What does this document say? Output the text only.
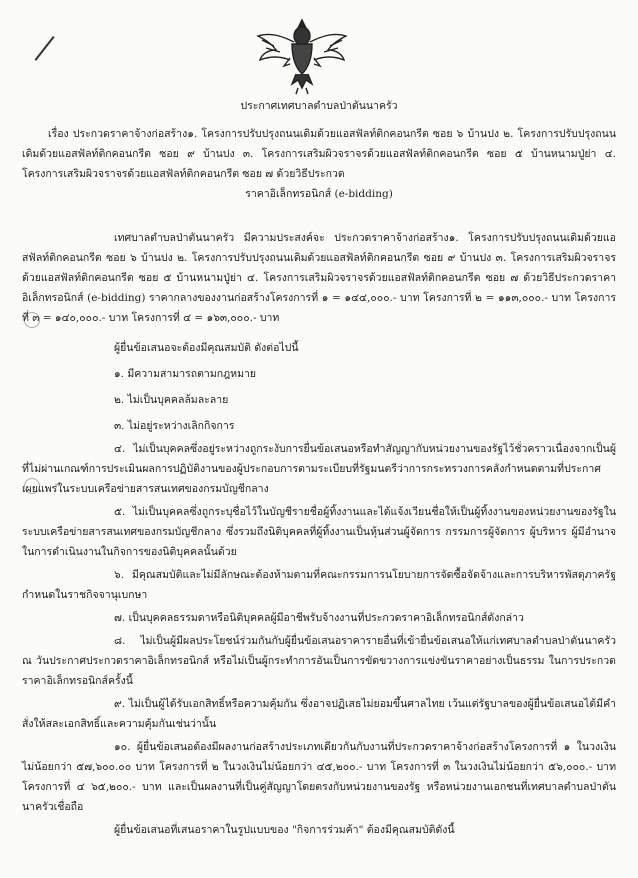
ประกาศเทศบาลตำบลป่าตันนาครัว

เรื่อง ประกวดราคาจ้างก่อสร้าง๑. โครงการปรับปรุงถนนเดิมด้วยแอสฟัลท์ติกคอนกรีต ซอย ๖ บ้านปง ๒. โครงการปรับปรุงถนนเดิมด้วยแอสฟัลท์ติกคอนกรีต ซอย ๙ บ้านปง ๓. โครงการเสริมผิวจราจรด้วยแอสฟัลท์ติกคอนกรีต ซอย ๕ บ้านหนามปู่ย่า ๔. โครงการเสริมผิวจราจรด้วยแอสฟัลท์ติกคอนกรีต ซอย ๗ ด้วยวิธีประกวด

ราคาอิเล็กทรอนิกส์ (e-bidding)

เทศบาลตำบลป่าตันนาครัว มีความประสงค์จะ ประกวดราคาจ้างก่อสร้าง๑. โครงการปรับปรุงถนนเดิมด้วยแอสฟัลท์ติกคอนกรีต ซอย ๖ บ้านปง ๒. โครงการปรับปรุงถนนเดิมด้วยแอสฟัลท์ติกคอนกรีต ซอย ๙ บ้านปง ๓. โครงการเสริมผิวจราจรด้วยแอสฟัลท์ติกคอนกรีต ซอย ๕ บ้านหนามปู่ย่า ๔. โครงการเสริมผิวจราจรด้วยแอสฟัลท์ติกคอนกรีต ซอย ๗ ด้วยวิธีประกวดราคาอิเล็กทรอนิกส์ (e-bidding) ราคากลางของงานก่อสร้างโครงการที่ ๑ = ๑๔๔,๐๐๐.- บาท โครงการที่ ๒ = ๑๑๓,๐๐๐.- บาท โครงการที่ ๓ = ๑๔๐,๐๐๐.- บาท โครงการที่ ๔ = ๑๖๓,๐๐๐.- บาท

ผู้ยื่นข้อเสนอจะต้องมีคุณสมบัติ ดังต่อไปนี้

๑. มีความสามารถตามกฎหมาย

๒. ไม่เป็นบุคคลล้มละลาย

๓. ไม่อยู่ระหว่างเลิกกิจการ

๔. ไม่เป็นบุคคลซึ่งอยู่ระหว่างถูกระงับการยื่นข้อเสนอหรือทำสัญญากับหน่วยงานของรัฐไว้ชั่วคราวเนื่องจากเป็นผู้ที่ไม่ผ่านเกณฑ์การประเมินผลการปฏิบัติงานของผู้ประกอบการตามระเบียบที่รัฐมนตรีว่าการกระทรวงการคลังกำหนดตามที่ประกาศเผยแพร่ในระบบเครือข่ายสารสนเทศของกรมบัญชีกลาง

๕. ไม่เป็นบุคคลซึ่งถูกระบุชื่อไว้ในบัญชีรายชื่อผู้ทิ้งงานและได้แจ้งเวียนชื่อให้เป็นผู้ทิ้งงานของหน่วยงานของรัฐในระบบเครือข่ายสารสนเทศของกรมบัญชีกลาง ซึ่งรวมถึงนิติบุคคลที่ผู้ทิ้งงานเป็นหุ้นส่วนผู้จัดการ กรรมการผู้จัดการ ผู้บริหาร ผู้มีอำนาจในการดำเนินงานในกิจการของนิติบุคคลนั้นด้วย

๖. มีคุณสมบัติและไม่มีลักษณะต้องห้ามตามที่คณะกรรมการนโยบายการจัดซื้อจัดจ้างและการบริหารพัสดุภาครัฐกำหนดในราชกิจจานุเบกษา

๗. เป็นบุคคลธรรมดาหรือนิติบุคคลผู้มีอาชีพรับจ้างงานที่ประกวดราคาอิเล็กทรอนิกส์ดังกล่าว

๘. ไม่เป็นผู้มีผลประโยชน์ร่วมกันกับผู้ยื่นข้อเสนอราคารายอื่นที่เข้ายื่นข้อเสนอให้แก่เทศบาลตำบลป่าตันนาครัว ณ วันประกาศประกวดราคาอิเล็กทรอนิกส์ หรือไม่เป็นผู้กระทำการอันเป็นการขัดขวางการแข่งขันราคาอย่างเป็นธรรม ในการประกวดราคาอิเล็กทรอนิกส์ครั้งนี้

๙. ไม่เป็นผู้ได้รับเอกสิทธิ์หรือความคุ้มกัน ซึ่งอาจปฏิเสธไม่ยอมขึ้นศาลไทย เว้นแต่รัฐบาลของผู้ยื่นข้อเสนอได้มีคำสั่งให้สละเอกสิทธิ์และความคุ้มกันเช่นว่านั้น

๑๐. ผู้ยื่นข้อเสนอต้องมีผลงานก่อสร้างประเภทเดียวกันกับงานที่ประกวดราคาจ้างก่อสร้างโครงการที่ ๑ ในวงเงินไม่น้อยกว่า ๕๗,๖๐๐.๐๐ บาท โครงการที่ ๒ ในวงเงินไม่น้อยกว่า ๔๕,๒๐๐.- บาท โครงการที่ ๓ ในวงเงินไม่น้อยกว่า ๕๖,๐๐๐.- บาท โครงการที่ ๔ ๖๕,๒๐๐.- บาท และเป็นผลงานที่เป็นคู่สัญญาโดยตรงกับหน่วยงานของรัฐ หรือหน่วยงานเอกชนที่เทศบาลตำบลป่าตันนาครัวเชื่อถือ

ผู้ยื่นข้อเสนอที่เสนอราคาในรูปแบบของ "กิจการร่วมค้า" ต้องมีคุณสมบัติดังนี้
